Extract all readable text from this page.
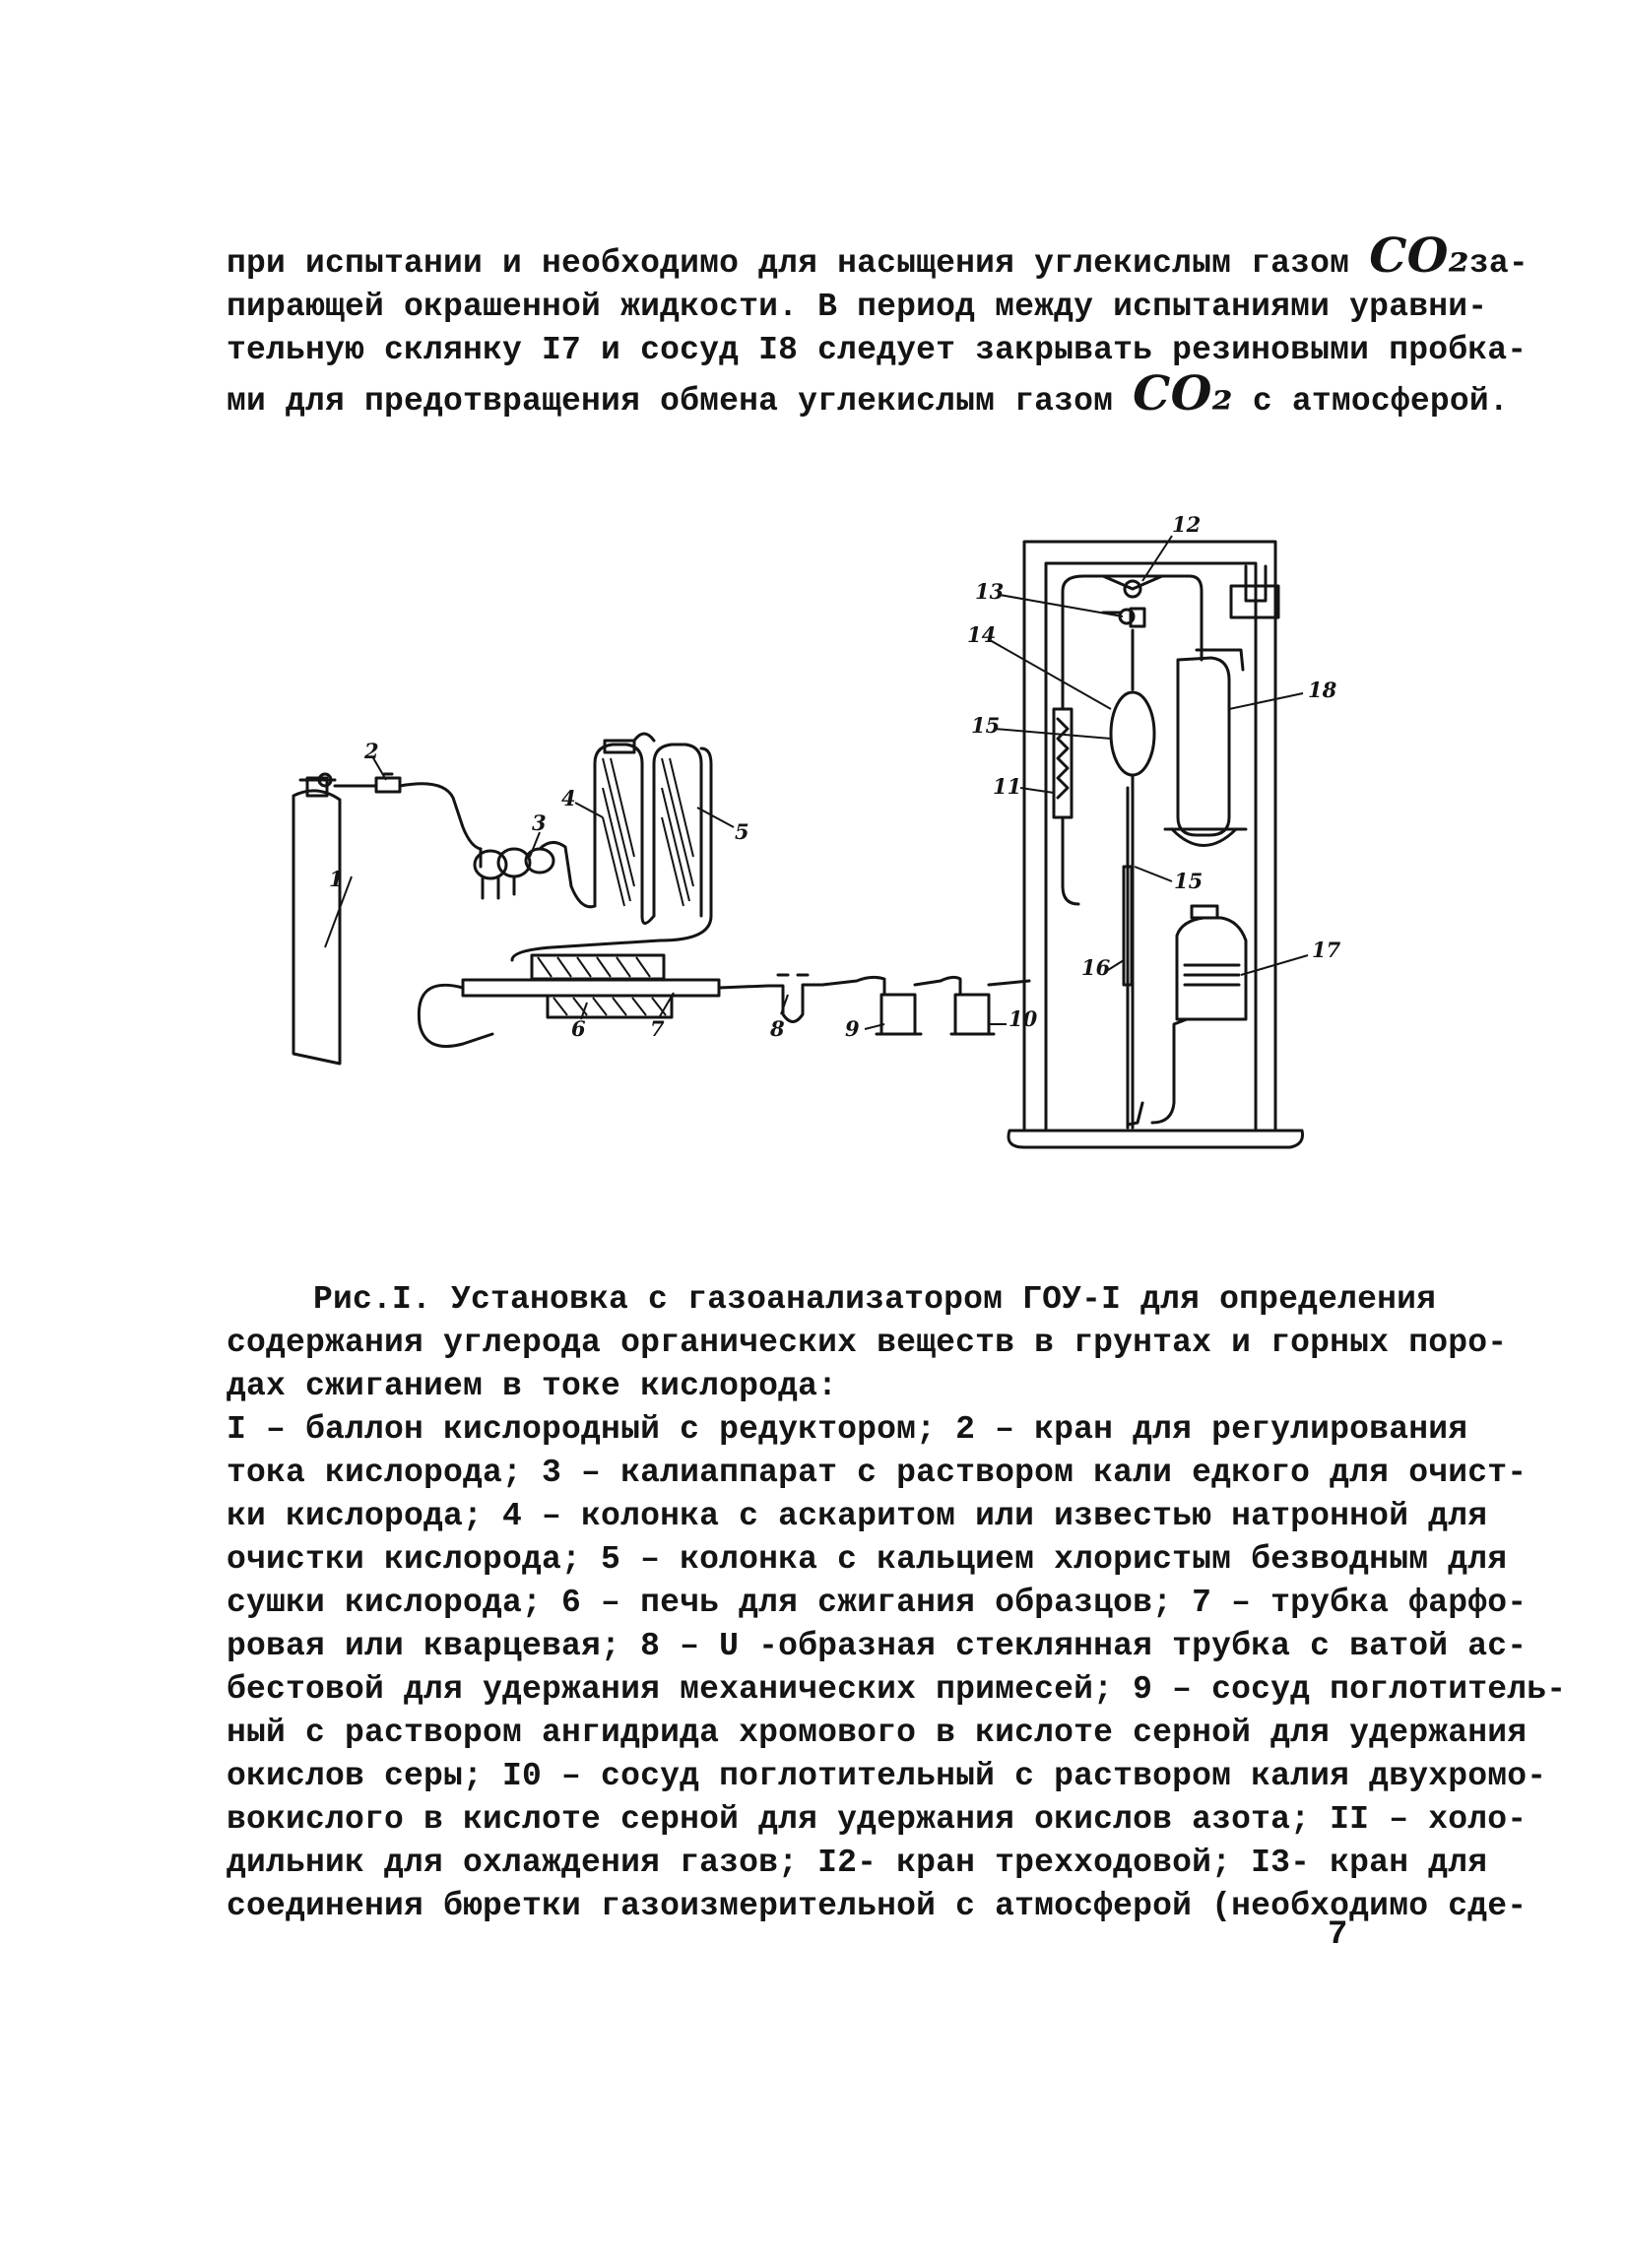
при испытании и необходимо для насыщения углекислым газом CO₂за-
пирающей окрашенной жидкости. В период между испытаниями уравни-
тельную склянку I7 и сосуд I8 следует закрывать резиновыми пробка-
ми для предотвращения обмена углекислым газом CO₂ с атмосферой.
1
2
3
4
5
6	7	8	9	10
11
12
13
14
15
15
16
17
18
Рис.I. Установка с газоанализатором ГОУ-I для определения
содержания углерода органических веществ в грунтах и горных поро-
дах сжиганием в токе кислорода:
I – баллон кислородный с редуктором; 2 – кран для регулирования
тока кислорода; 3 – калиаппарат с раствором кали едкого для очист-
ки кислорода; 4 – колонка с аскаритом или известью натронной для
очистки кислорода; 5 – колонка с кальцием хлористым безводным для
сушки кислорода; 6 – печь для сжигания образцов; 7 – трубка фарфо-
ровая или кварцевая; 8 – U -образная стеклянная трубка с ватой ас-
бестовой для удержания механических примесей; 9 – сосуд поглотитель-
ный с раствором ангидрида хромового в кислоте серной для удержания
окислов серы; I0 – сосуд поглотительный с раствором калия двухромо-
вокислого в кислоте серной для удержания окислов азота; II – холо-
дильник для охлаждения газов; I2- кран трехходовой; I3- кран для
соединения бюретки газоизмерительной с атмосферой (необходимо сде-
7
